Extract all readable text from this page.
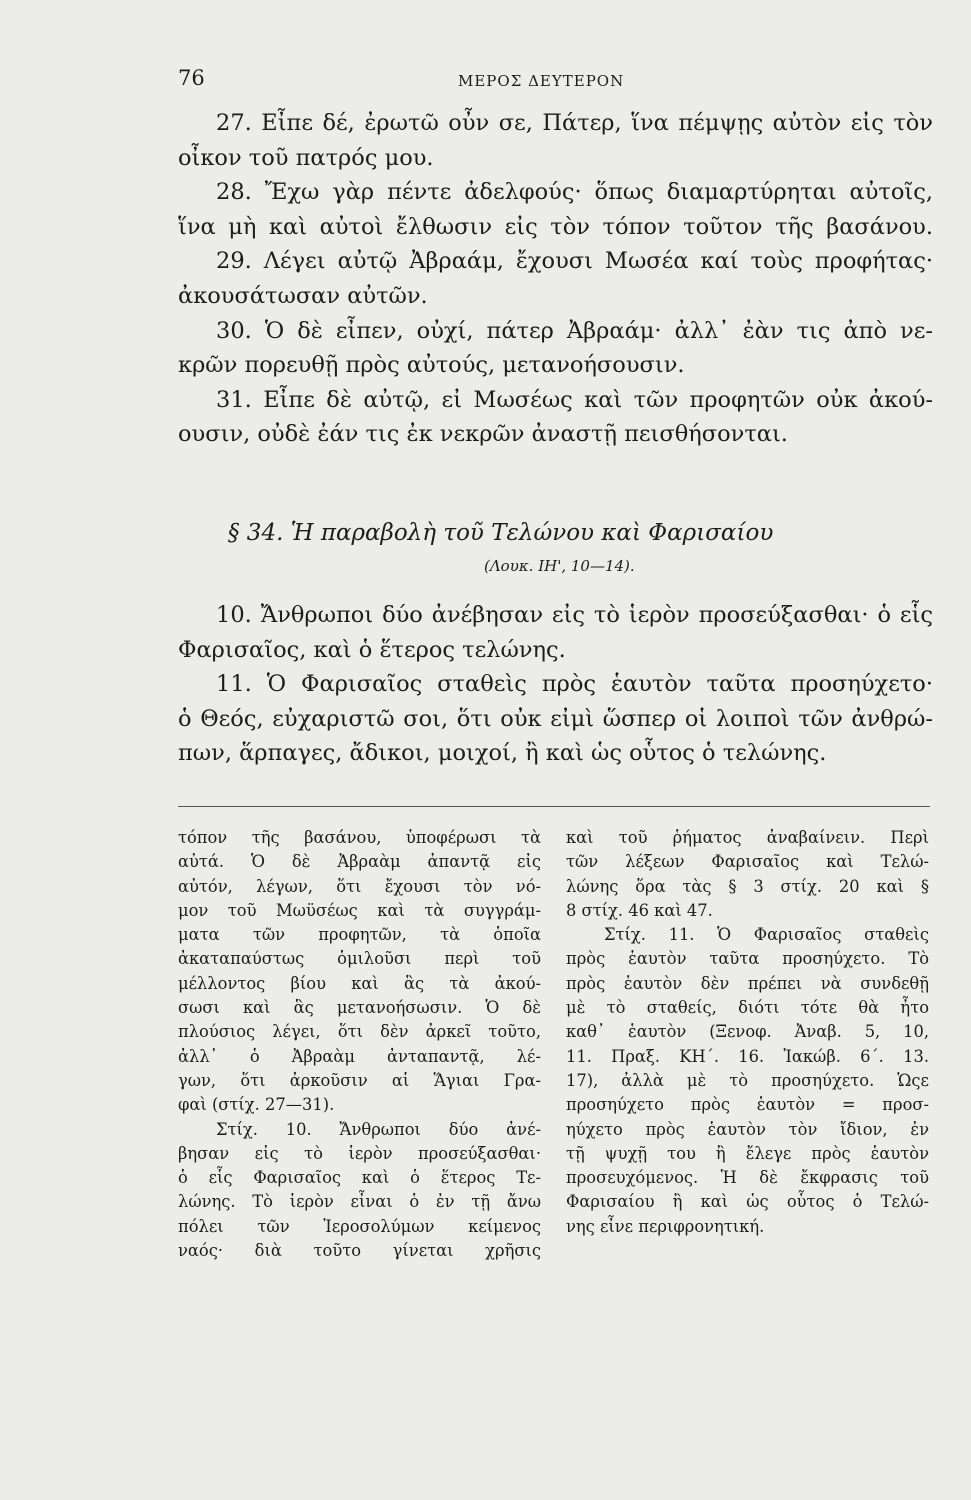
76	ΜΕΡΟΣ ΔΕΥΤΕΡΟΝ
27. Εἶπε δέ, ἐρωτῶ οὖν σε, Πάτερ, ἵνα πέμψῃς αὐτὸν εἰς τὸν
οἶκον τοῦ πατρός μου.
28. Ἔχω γὰρ πέντε ἀδελφούς· ὅπως διαμαρτύρηται αὐτοῖς,
ἵνα μὴ καὶ αὐτοὶ ἔλθωσιν εἰς τὸν τόπον τοῦτον τῆς βασάνου.
29. Λέγει αὐτῷ Ἀβραάμ, ἔχουσι Μωσέα καί τοὺς προφήτας·
ἀκουσάτωσαν αὐτῶν.
30. Ὁ δὲ εἶπεν, οὐχί, πάτερ Ἀβραάμ· ἀλλ᾽ ἐὰν τις ἀπὸ νε-
κρῶν πορευθῇ πρὸς αὐτούς, μετανοήσουσιν.
31. Εἶπε δὲ αὐτῷ, εἰ Μωσέως καὶ τῶν προφητῶν οὐκ ἀκού-
ουσιν, οὐδὲ ἐάν τις ἐκ νεκρῶν ἀναστῇ πεισθήσονται.
§ 34. Ἡ παραβολὴ τοῦ Τελώνου καὶ Φαρισαίου
(Λουκ. ΙΗ', 10—14).
10. Ἄνθρωποι δύο ἀνέβησαν εἰς τὸ ἱερὸν προσεύξασθαι· ὁ εἷς
Φαρισαῖος, καὶ ὁ ἕτερος τελώνης.
11. Ὁ Φαρισαῖος σταθεὶς πρὸς ἑαυτὸν ταῦτα προσηύχετο·
ὁ Θεός, εὐχαριστῶ σοι, ὅτι οὐκ εἰμὶ ὥσπερ οἱ λοιποὶ τῶν ἀνθρώ-
πων, ἅρπαγες, ἄδικοι, μοιχοί, ἢ καὶ ὡς οὗτος ὁ τελώνης.
τόπον τῆς βασάνου, ὑποφέρωσι τὰ
αὐτά. Ὁ δὲ Ἀβραὰμ ἀπαντᾷ εἰς
αὐτόν, λέγων, ὅτι ἔχουσι τὸν νό-
μον τοῦ Μωϋσέως καὶ τὰ συγγράμ-
ματα τῶν προφητῶν, τὰ ὁποῖα
ἀκαταπαύστως ὁμιλοῦσι περὶ τοῦ
μέλλοντος βίου καὶ ἃς τὰ ἀκού-
σωσι καὶ ἃς μετανοήσωσιν. Ὁ δὲ
πλούσιος λέγει, ὅτι δὲν ἀρκεῖ τοῦτο,
ἀλλ᾽ ὁ Ἀβραὰμ ἀνταπαντᾷ, λέ-
γων, ὅτι ἀρκοῦσιν αἱ Ἅγιαι Γρα-
φαὶ (στίχ. 27—31).
Στίχ. 10. Ἄνθρωποι δύο ἀνέ-
βησαν εἰς τὸ ἱερὸν προσεύξασθαι·
ὁ εἷς Φαρισαῖος καὶ ὁ ἕτερος Τε-
λώνης. Τὸ ἱερὸν εἶναι ὁ ἐν τῇ ἄνω
πόλει τῶν Ἱεροσολύμων κείμενος
ναός· διὰ τοῦτο γίνεται χρῆσις
καὶ τοῦ ῥήματος ἀναβαίνειν. Περὶ
τῶν λέξεων Φαρισαῖος καὶ Τελώ-
λώνης ὅρα τὰς § 3 στίχ. 20 καὶ §
8 στίχ. 46 καὶ 47.
Στίχ. 11. Ὁ Φαρισαῖος σταθεὶς
πρὸς ἑαυτὸν ταῦτα προσηύχετο. Τὸ
πρὸς ἑαυτὸν δὲν πρέπει νὰ συνδεθῇ
μὲ τὸ σταθείς, διότι τότε θὰ ἦτο
καθ᾽ ἑαυτὸν (Ξενοφ. Ἀναβ. 5, 10,
11. Πραξ. ΚΗ΄. 16. Ἰακώβ. 6΄. 13.
17), ἀλλὰ μὲ τὸ προσηύχετο. Ὡςε
προσηύχετο πρὸς ἑαυτὸν = προσ-
ηύχετο πρὸς ἑαυτὸν τὸν ἴδιον, ἐν
τῇ ψυχῇ του ἢ ἔλεγε πρὸς ἑαυτὸν
προσευχόμενος. Ἡ δὲ ἔκφρασις τοῦ
Φαρισαίου ἢ καὶ ὡς οὗτος ὁ Τελώ-
νης εἶνε περιφρονητική.
